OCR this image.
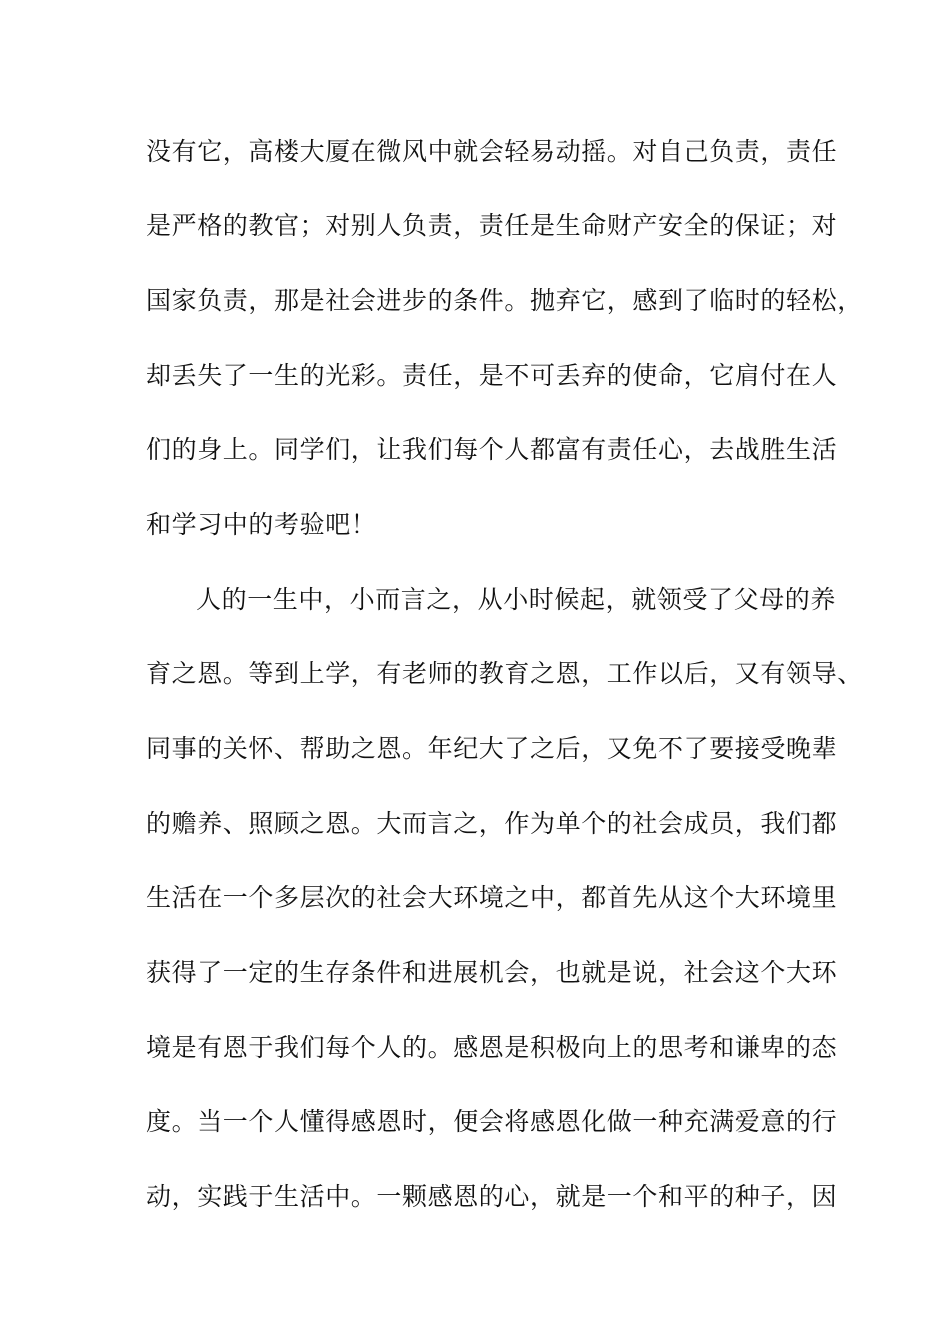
没有它，高楼大厦在微风中就会轻易动摇。对自己负责，责任
是严格的教官；对别人负责，责任是生命财产安全的保证；对
国家负责，那是社会进步的条件。抛弃它，感到了临时的轻松，
却丢失了一生的光彩。责任，是不可丢弃的使命，它肩付在人
们的身上。同学们，让我们每个人都富有责任心，去战胜生活
和学习中的考验吧！
人的一生中，小而言之，从小时候起，就领受了父母的养
育之恩。等到上学，有老师的教育之恩，工作以后，又有领导、
同事的关怀、帮助之恩。年纪大了之后，又免不了要接受晚辈
的赡养、照顾之恩。大而言之，作为单个的社会成员，我们都
生活在一个多层次的社会大环境之中，都首先从这个大环境里
获得了一定的生存条件和进展机会，也就是说，社会这个大环
境是有恩于我们每个人的。感恩是积极向上的思考和谦卑的态
度。当一个人懂得感恩时，便会将感恩化做一种充满爱意的行
动，实践于生活中。一颗感恩的心，就是一个和平的种子，因
